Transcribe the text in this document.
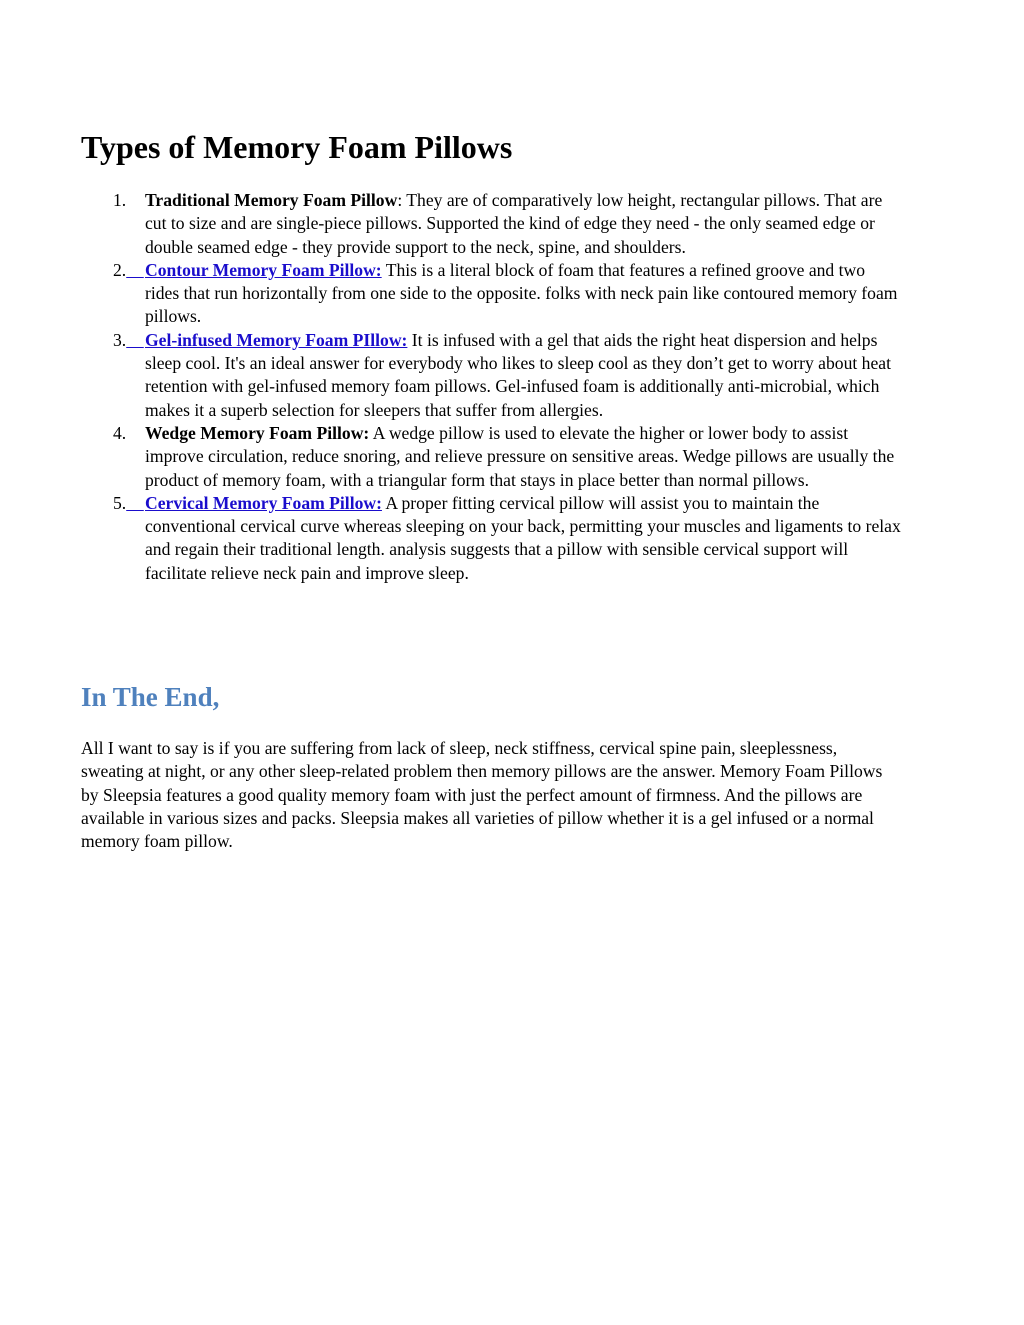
Types of Memory Foam Pillows
1. Traditional Memory Foam Pillow: They are of comparatively low height, rectangular pillows. That are cut to size and are single-piece pillows. Supported the kind of edge they need - the only seamed edge or double seamed edge - they provide support to the neck, spine, and shoulders.
2.	Contour Memory Foam Pillow: This is a literal block of foam that features a refined groove and two rides that run horizontally from one side to the opposite. folks with neck pain like contoured memory foam pillows.
3.	Gel-infused Memory Foam PIllow: It is infused with a gel that aids the right heat dispersion and helps sleep cool. It's an ideal answer for everybody who likes to sleep cool as they don’t get to worry about heat retention with gel-infused memory foam pillows. Gel-infused foam is additionally anti-microbial, which makes it a superb selection for sleepers that suffer from allergies.
4. Wedge Memory Foam Pillow: A wedge pillow is used to elevate the higher or lower body to assist improve circulation, reduce snoring, and relieve pressure on sensitive areas. Wedge pillows are usually the product of memory foam, with a triangular form that stays in place better than normal pillows.
5.	Cervical Memory Foam Pillow: A proper fitting cervical pillow will assist you to maintain the conventional cervical curve whereas sleeping on your back, permitting your muscles and ligaments to relax and regain their traditional length. analysis suggests that a pillow with sensible cervical support will facilitate relieve neck pain and improve sleep.
In The End,

All I want to say is if you are suffering from lack of sleep, neck stiffness, cervical spine pain, sleeplessness, sweating at night, or any other sleep-related problem then memory pillows are the answer. Memory Foam Pillows by Sleepsia features a good quality memory foam with just the perfect amount of firmness. And the pillows are available in various sizes and packs. Sleepsia makes all varieties of pillow whether it is a gel infused or a normal memory foam pillow.
